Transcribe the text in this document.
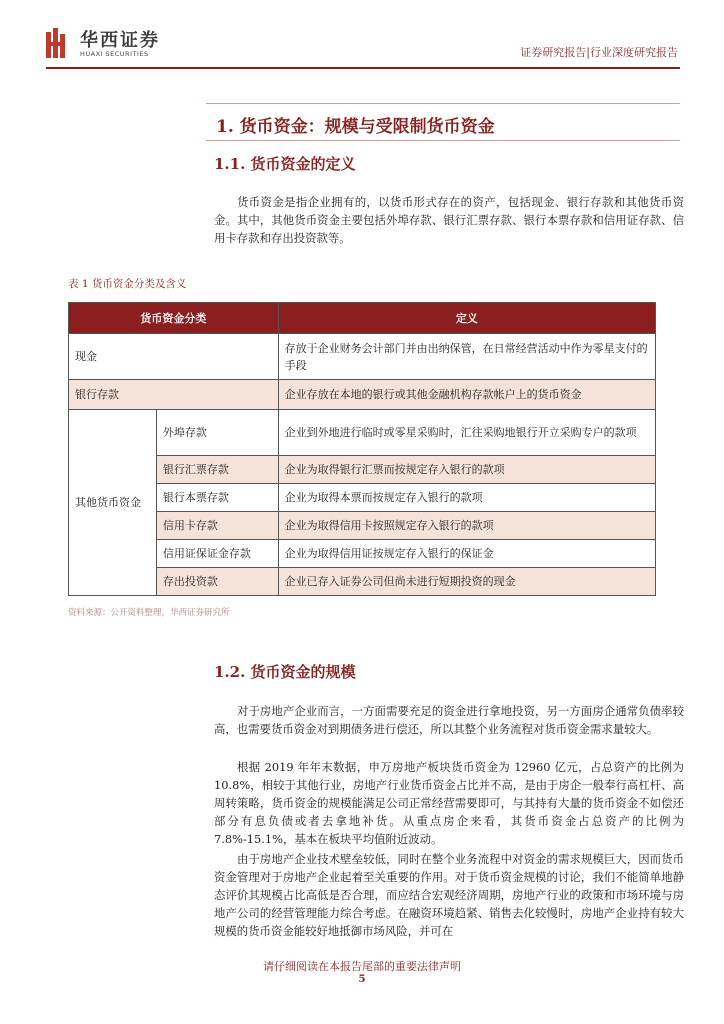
华西证券
HUAXI SECURITIES	证券研究报告|行业深度研究报告
1. 货币资金：规模与受限制货币资金
1.1. 货币资金的定义

货币资金是指企业拥有的，以货币形式存在的资产，包括现金、银行存款和其他货币资金。其中，其他货币资金主要包括外埠存款、银行汇票存款、银行本票存款和信用证存款、信用卡存款和存出投资款等。

表 1 货币资金分类及含义
货币资金分类		定义
现金		存放于企业财务会计部门并由出纳保管，在日常经营活动中作为零星支付的手段
银行存款		企业存放在本地的银行或其他金融机构存款帐户上的货币资金
其他货币资金	外埠存款	企业到外地进行临时或零星采购时，汇往采购地银行开立采购专户的款项
	银行汇票存款	企业为取得银行汇票而按规定存入银行的款项
	银行本票存款	企业为取得本票而按规定存入银行的款项
	信用卡存款	企业为取得信用卡按照规定存入银行的款项
	信用证保证金存款	企业为取得信用证按规定存入银行的保证金
	存出投资款	企业已存入证券公司但尚未进行短期投资的现金
资料来源：公开资料整理，华西证券研究所
1.2. 货币资金的规模

对于房地产企业而言，一方面需要充足的资金进行拿地投资，另一方面房企通常负债率较高，也需要货币资金对到期债务进行偿还，所以其整个业务流程对货币资金需求量较大。

根据 2019 年年末数据，申万房地产板块货币资金为 12960 亿元，占总资产的比例为 10.8%，相较于其他行业，房地产行业货币资金占比并不高，是由于房企一般奉行高杠杆、高周转策略，货币资金的规模能满足公司正常经营需要即可，与其持有大量的货币资金不如偿还部分有息负债或者去拿地补货。从重点房企来看，其货币资金占总资产的比例为 7.8%-15.1%，基本在板块平均值附近波动。

由于房地产企业技术壁垒较低，同时在整个业务流程中对资金的需求规模巨大，因而货币资金管理对于房地产企业起着至关重要的作用。对于货币资金规模的讨论，我们不能简单地静态评价其规模占比高低是否合理，而应结合宏观经济周期，房地产行业的政策和市场环境与房地产公司的经营管理能力综合考虑。在融资环境趋紧、销售去化较慢时，房地产企业持有较大规模的货币资金能较好地抵御市场风险，并可在

请仔细阅读在本报告尾部的重要法律声明
5
